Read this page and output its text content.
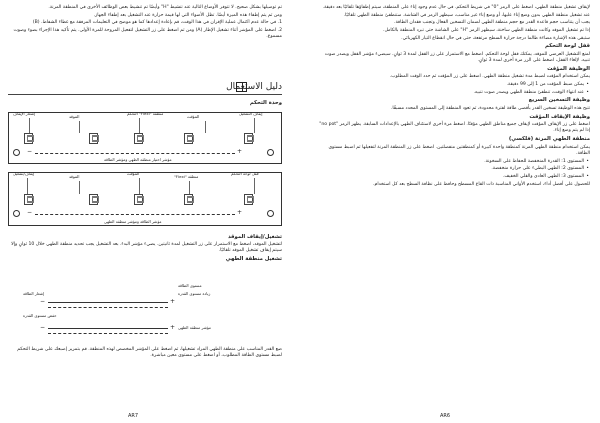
تم توصيلها بشكل صحيح. لا تتوفر الأوضاع التالية عند تنشيط "H" وأيضًا تم تنشيط بعض الوظائف الأخرى في المنطقة المرنة.

ومن ثم يتم إطفاء هذه الميزة أيضًا. تظل الأضواء التي لها قيمة حرارة عند التشغيل بعد إطفاء الجهاز.

1. في حالة عدم اكتمال عملية الإقران في هذا الوقت، قم بإعادة إعدادها كما هو موضح في التعليمات المرفقة مع غطاء الشفاط. (B)

2. اضغط على المؤشر أثناء تشغيل الإطار (A) ومن ثم اضغط على زر التشغيل لتفعيل المروحة للمرة الأولى. يتم تأكيد هذا الإجراء بضوء وصوت مسموع.

دليل الاستعمال

وحدة التحكم

إشعار الإيقاف
الموقد
منطقة "Flexi" التحكم
المؤقت
إيقاف التشغيل
−	+
مؤشر اختيار منطقة الطهي ومؤشر الطاقة
إيقاف/تشغيل
الموقد
المؤقت
منطقة "Flexi"
قفل لوحة التحكم
−	+
مؤشر الطاقة ومؤشر منطقة الطهي

تشغيل/إيقاف الموقد

لتشغيل الموقد، اضغط مع الاستمرار على زر التشغيل لمدة ثانيتين. يضيء مؤشر البدء. بعد التشغيل يجب تحديد منطقة الطهي خلال 10 ثوانٍ وإلا سيتم إيقاف تشغيل الموقد تلقائيًا.

تشغيل منطقة الطهي

مستوى الطاقة
زيادة مستوى القدرة
إشعار الطاقة
−	+
خفض مستوى القدرة
−	+ مؤشر منطقة الطهي

ضع القدر المناسب على منطقة الطهي المراد تشغيلها، ثم اضغط على المؤشر المخصص لهذه المنطقة. قم بتمرير إصبعك على شريط التحكم لضبط مستوى الطاقة المطلوب، أو اضغط على مستوى معين مباشرة.

AR7

لإيقاف تشغيل منطقة الطهي، اضغط على الرمز "0" في شريط التحكم. في حال عدم وجود إناء على المنطقة، سيتم إطفاؤها تلقائيًا بعد دقيقة.

عند تشغيل منطقة الطهي بدون وضع إناء عليها، أو وضع إناء غير مناسب، سيظهر الرمز في الشاشة. ستنطفئ منطقة الطهي تلقائيًا.

يجب أن يتناسب حجم قاعدة القدر مع حجم منطقة الطهي لضمان التسخين الفعال وتجنب فقدان الطاقة.

إذا تم تشغيل الموقد وكانت منطقة الطهي ساخنة، سيظهر الرمز "H" على الشاشة حتى تبرد المنطقة بالكامل.

ستبقى هذه الإشارة مضاءة طالما درجة حرارة السطح مرتفعة، حتى في حال انقطاع التيار الكهربائي.

قفل لوحة التحكم

لمنع التشغيل العرضي للموقد، يمكنك قفل لوحة التحكم. اضغط مع الاستمرار على زر القفل لمدة 3 ثوانٍ. سيضيء مؤشر القفل ويصدر صوت تنبيه. لإلغاء القفل، اضغط على الزر مرة أخرى لمدة 3 ثوانٍ.

الوظيفة المؤقت

يمكن استخدام المؤقت لضبط مدة تشغيل منطقة الطهي. اضغط على زر المؤقت ثم حدد الوقت المطلوب.

• يمكن ضبط المؤقت من 1 إلى 99 دقيقة.

• عند انتهاء الوقت، تنطفئ منطقة الطهي ويصدر صوت تنبيه.

وظيفة التسخين السريع

تتيح هذه الوظيفة تسخين القدر بأقصى طاقة لفترة محدودة، ثم تعود المنطقة إلى المستوى المحدد مسبقًا.

وظيفة الإيقاف المؤقت

اضغط على زر الإيقاف المؤقت لإيقاف جميع مناطق الطهي مؤقتًا. اضغط مرة أخرى لاستئناف الطهي بالإعدادات السابقة. يظهر الرمز "no pot" إذا لم يتم وضع إناء.

منطقة الطهي المرنة (فلكسي)

يمكن استخدام منطقة الطهي المرنة كمنطقة واحدة كبيرة أو كمنطقتين منفصلتين. اضغط على زر المنطقة المرنة لتفعيلها ثم اضبط مستوى الطاقة.

• المستوى 1: القدرة المنخفضة للحفاظ على السخونة.

• المستوى 2: الطهي البطيء على حرارة منخفضة.

• المستوى 3: الطهي العادي والقلي الخفيف.

للحصول على أفضل أداء، استخدم الأواني المناسبة ذات القاع المسطح وحافظ على نظافة السطح بعد كل استخدام.

AR6
